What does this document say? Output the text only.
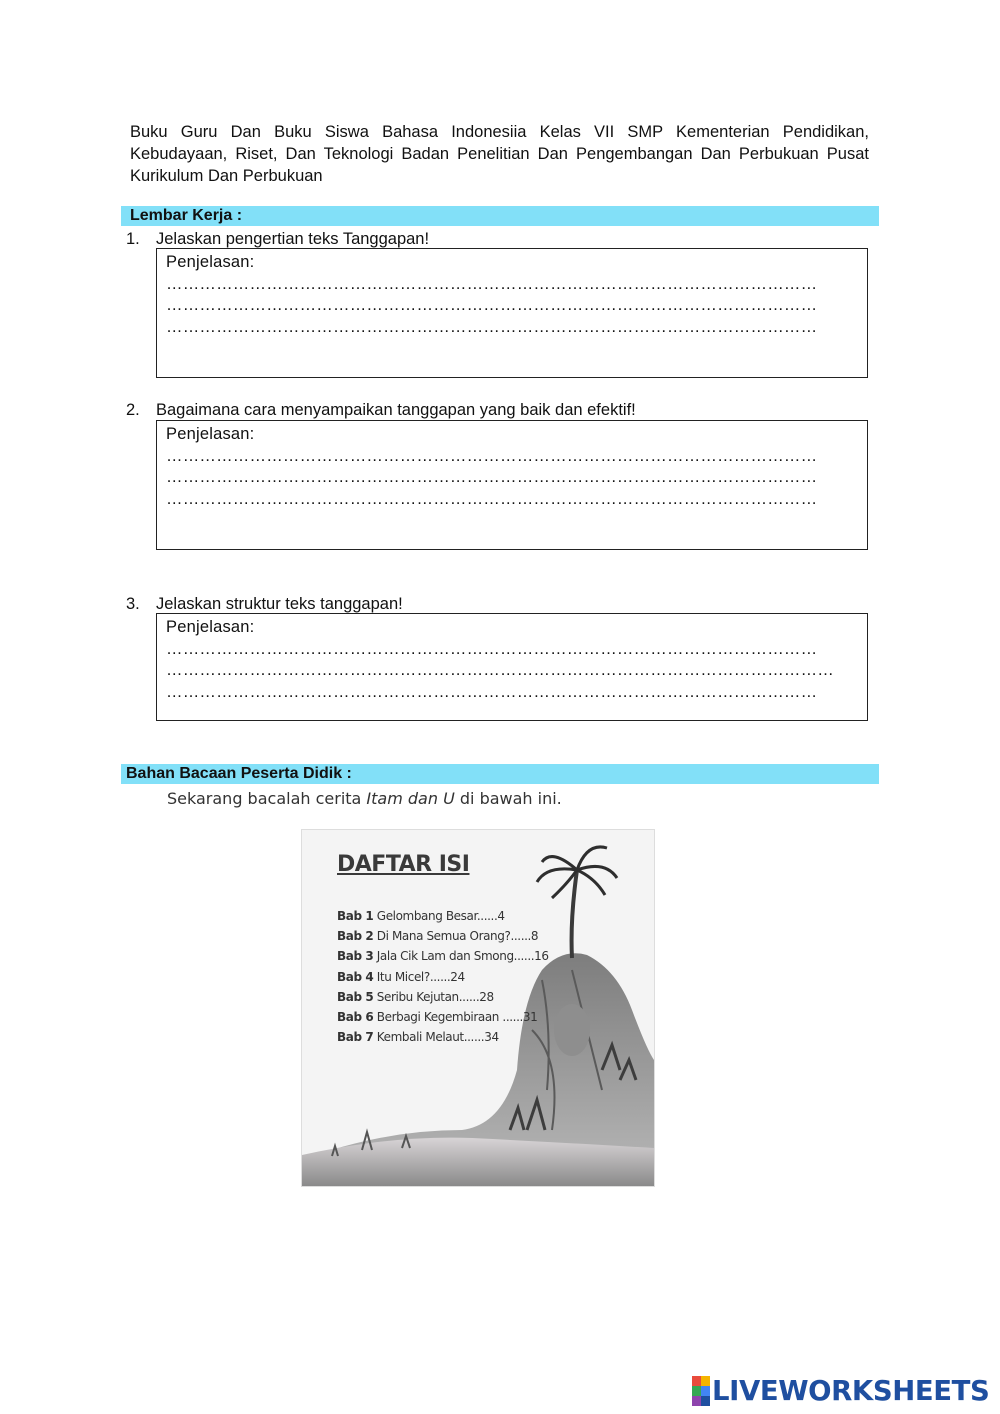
Buku Guru Dan Buku Siswa Bahasa Indonesiia Kelas VII SMP Kementerian Pendidikan, Kebudayaan, Riset, Dan Teknologi Badan Penelitian Dan Pengembangan Dan Perbukuan Pusat Kurikulum Dan Perbukuan
Lembar Kerja :
1. Jelaskan pengertian teks Tanggapan!
Penjelasan:
………………………………………………………………………………………………………
………………………………………………………………………………………………………
………………………………………………………………………………………………………
2. Bagaimana cara menyampaikan tanggapan yang baik dan efektif!
Penjelasan:
………………………………………………………………………………………………………
………………………………………………………………………………………………………
………………………………………………………………………………………………………
3. Jelaskan struktur teks tanggapan!
Penjelasan:
………………………………………………………………………………………………………
…………………………………………………………………………………………………………
………………………………………………………………………………………………………
Bahan Bacaan Peserta Didik :
Sekarang bacalah cerita Itam dan U di bawah ini.
DAFTAR ISI
Bab 1 Gelombang Besar......4
Bab 2 Di Mana Semua Orang?......8
Bab 3 Jala Cik Lam dan Smong......16
Bab 4 Itu Micel?......24
Bab 5 Seribu Kejutan......28
Bab 6 Berbagi Kegembiraan ......31
Bab 7 Kembali Melaut......34
LIVEWORKSHEETS
